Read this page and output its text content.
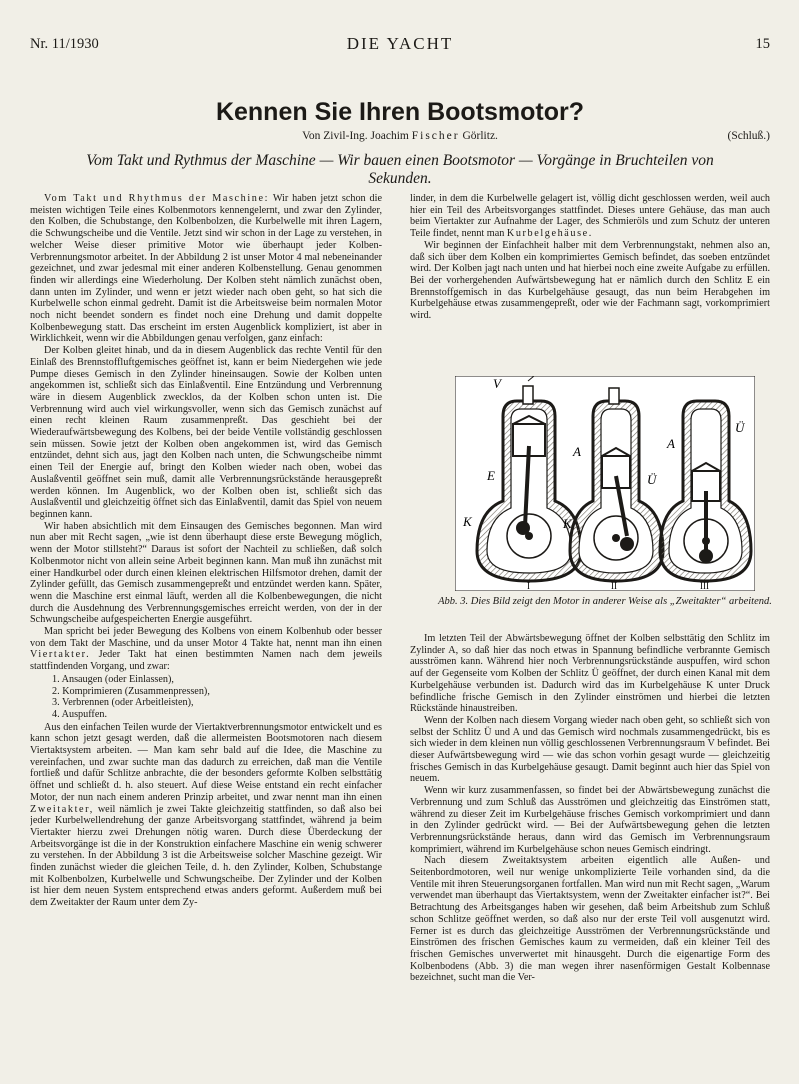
Nr. 11/1930	DIE YACHT	15
Kennen Sie Ihren Bootsmotor?
Von Zivil-Ing. Joachim Fischer Görlitz.	(Schluß.)
Vom Takt und Rythmus der Maschine — Wir bauen einen Bootsmotor — Vorgänge in Bruchteilen von Sekunden.

Vom Takt und Rhythmus der Maschine: Wir haben jetzt schon die meisten wichtigen Teile eines Kolbenmotors kennengelernt, und zwar den Zylinder, den Kolben, die Schubstange, den Kolbenbolzen, die Kurbelwelle mit ihren Lagern, die Schwungscheibe und die Ventile. Jetzt sind wir schon in der Lage zu verstehen, in welcher Weise dieser primitive Motor wie überhaupt jeder Kolben-Verbrennungsmotor arbeitet. In der Abbildung 2 ist unser Motor 4 mal nebeneinander gezeichnet, und zwar jedesmal mit einer anderen Kolbenstellung. Genau genommen finden wir allerdings eine Wiederholung. Der Kolben steht nämlich zunächst oben, dann unten im Zylinder, und wenn er jetzt wieder nach oben geht, so hat sich die Kurbelwelle schon einmal gedreht. Damit ist die Arbeitsweise beim normalen Motor noch nicht beendet sondern es findet noch eine Drehung und damit doppelte Kolbenbewegung statt. Das erscheint im ersten Augenblick kompliziert, ist aber in Wirklichkeit, wenn wir die Abbildungen genau verfolgen, ganz einfach:

Der Kolben gleitet hinab, und da in diesem Augenblick das rechte Ventil für den Einlaß des Brennstoffluftgemisches geöffnet ist, kann er beim Niedergehen wie jede Pumpe dieses Gemisch in den Zylinder hineinsaugen. Sowie der Kolben unten angekommen ist, schließt sich das Einlaßventil. Eine Entzündung und Verbrennung wäre in diesem Augenblick zwecklos, da der Kolben schon unten ist. Die Verbrennung wird auch viel wirkungsvoller, wenn sich das Gemisch zunächst auf einen recht kleinen Raum zusammenpreßt. Das geschieht bei der Wiederaufwärtsbewegung des Kolbens, bei der beide Ventile vollständig geschlossen sein müssen. Sowie jetzt der Kolben oben angekommen ist, wird das Gemisch entzündet, dehnt sich aus, jagt den Kolben nach unten, die Schwungscheibe nimmt einen Teil der Energie auf, bringt den Kolben wieder nach oben, wobei das Auslaßventil geöffnet sein muß, damit alle Verbrennungsrückstände herausgepreßt werden können. Im Augenblick, wo der Kolben oben ist, schließt sich das Auslaßventil und gleichzeitig öffnet sich das Einlaßventil, damit das Spiel von neuem beginnen kann.

Wir haben absichtlich mit dem Einsaugen des Gemisches begonnen. Man wird nun aber mit Recht sagen, „wie ist denn überhaupt diese erste Bewegung möglich, wenn der Motor stillsteht?“ Daraus ist sofort der Nachteil zu schließen, daß solch Kolbenmotor nicht von allein seine Arbeit beginnen kann. Man muß ihn zunächst mit einer Handkurbel oder durch einen kleinen elektrischen Hilfsmotor drehen, damit der Zylinder gefüllt, das Gemisch zusammengepreßt und entzündet werden kann. Später, wenn die Maschine erst einmal läuft, werden all die Kolbenbewegungen, die nicht durch die Ausdehnung des Verbrennungsgemisches erreicht werden, von der in der Schwungscheibe aufgespeicherten Energie ausgeführt.

Man spricht bei jeder Bewegung des Kolbens von einem Kolbenhub oder besser von dem Takt der Maschine, und da unser Motor 4 Takte hat, nennt man ihn einen Viertakter. Jeder Takt hat einen bestimmten Namen nach dem jeweils stattfindenden Vorgang, und zwar:

1. Ansaugen (oder Einlassen),
2. Komprimieren (Zusammenpressen),
3. Verbrennen (oder Arbeitleisten),
4. Auspuffen.

Aus den einfachen Teilen wurde der Viertaktverbrennungsmotor entwickelt und es kann schon jetzt gesagt werden, daß die allermeisten Bootsmotoren nach diesem Viertaktsystem arbeiten. — Man kam sehr bald auf die Idee, die Maschine zu vereinfachen, und zwar suchte man das dadurch zu erreichen, daß man die Ventile fortließ und dafür Schlitze anbrachte, die der besonders geformte Kolben selbsttätig öffnet und schließt d. h. also steuert. Auf diese Weise entstand ein recht einfacher Motor, der nun nach einem anderen Prinzip arbeitet, und zwar nennt man ihn einen Zweitakter, weil nämlich je zwei Takte gleichzeitig stattfinden, so daß also bei jeder Kurbelwellendrehung der ganze Arbeitsvorgang stattfindet, während ja beim Viertakter hierzu zwei Drehungen nötig waren. Durch diese Überdeckung der Arbeitsvorgänge ist die in der Konstruktion einfachere Maschine ein wenig schwerer zu verstehen. In der Abbildung 3 ist die Arbeitsweise solcher Maschine gezeigt. Wir finden zunächst wieder die gleichen Teile, d. h. den Zylinder, Kolben, Schubstange mit Kolbenbolzen, Kurbelwelle und Schwungscheibe. Der Zylinder und der Kolben ist hier dem neuen System entsprechend etwas anders geformt. Außerdem muß bei dem Zweitakter der Raum unter dem Zy-

linder, in dem die Kurbelwelle gelagert ist, völlig dicht geschlossen werden, weil auch hier ein Teil des Arbeitsvorganges stattfindet. Dieses untere Gehäuse, das man auch beim Viertakter zur Aufnahme der Lager, des Schmieröls und zum Schutz der unteren Teile findet, nennt man Kurbelgehäuse.

Wir beginnen der Einfachheit halber mit dem Verbrennungstakt, nehmen also an, daß sich über dem Kolben ein komprimiertes Gemisch befindet, das soeben entzündet wird. Der Kolben jagt nach unten und hat hierbei noch eine zweite Aufgabe zu erfüllen. Bei der vorhergehenden Aufwärtsbewegung hat er nämlich durch den Schlitz E ein Brennstoffgemisch in das Kurbelgehäuse gesaugt, das nun beim Herabgehen im Kurbelgehäuse etwas zusammengepreßt, oder wie der Fachmann sagt, vorkomprimiert wird.

V
E
K
I
A
K
Ü
II
A
Ü
III
Abb. 3. Dies Bild zeigt den Motor in anderer Weise als „Zweitakter“ arbeitend.

Im letzten Teil der Abwärtsbewegung öffnet der Kolben selbsttätig den Schlitz im Zylinder A, so daß hier das noch etwas in Spannung befindliche verbrannte Gemisch ausströmen kann. Während hier noch Verbrennungsrückstände auspuffen, wird schon auf der Gegenseite vom Kolben der Schlitz Ü geöffnet, der durch einen Kanal mit dem Kurbelgehäuse verbunden ist. Dadurch wird das im Kurbelgehäuse K unter Druck befindliche frische Gemisch in den Zylinder einströmen und hierbei die letzten Rückstände hinaustreiben.

Wenn der Kolben nach diesem Vorgang wieder nach oben geht, so schließt sich von selbst der Schlitz Ü und A und das Gemisch wird nochmals zusammengedrückt, bis es sich wieder in dem kleinen nun völlig geschlossenen Verbrennungsraum V befindet. Bei dieser Aufwärtsbewegung wird — wie das schon vorhin gesagt wurde — gleichzeitig frisches Gemisch in das Kurbelgehäuse gesaugt. Damit beginnt auch hier das Spiel von neuem.

Wenn wir kurz zusammenfassen, so findet bei der Abwärtsbewegung zunächst die Verbrennung und zum Schluß das Ausströmen und gleichzeitig das Einströmen statt, während zu dieser Zeit im Kurbelgehäuse frisches Gemisch vorkomprimiert und dann in den Zylinder gedrückt wird. — Bei der Aufwärtsbewegung gehen die letzten Verbrennungsrückstände heraus, dann wird das Gemisch im Verbrennungsraum komprimiert, während im Kurbelgehäuse schon neues Gemisch eindringt.

Nach diesem Zweitaktsystem arbeiten eigentlich alle Außen- und Seitenbordmotoren, weil nur wenige unkomplizierte Teile vorhanden sind, da die Ventile mit ihren Steuerungsorganen fortfallen. Man wird nun mit Recht sagen, „Warum verwendet man überhaupt das Viertaktsystem, wenn der Zweitakter einfacher ist?“. Bei Betrachtung des Arbeitsganges haben wir gesehen, daß beim Arbeitshub zum Schluß schon Schlitze geöffnet werden, so daß also nur der erste Teil voll ausgenutzt wird. Ferner ist es durch das gleichzeitige Ausströmen der Verbrennungsrückstände und Einströmen des frischen Gemisches kaum zu vermeiden, daß ein kleiner Teil des frischen Gemisches unverwertet mit hinausgeht. Durch die eigenartige Form des Kolbenbodens (Abb. 3) die man wegen ihrer nasenförmigen Gestalt Kolbennase bezeichnet, sucht man die Ver-
